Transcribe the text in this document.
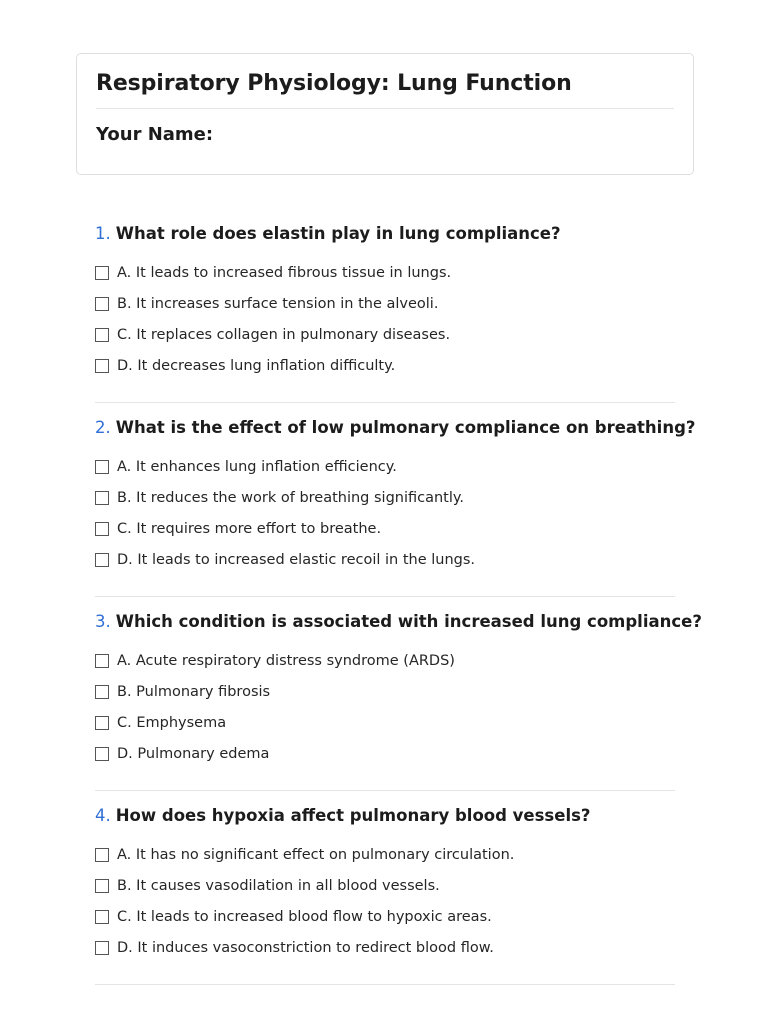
Respiratory Physiology: Lung Function
Your Name:
1. What role does elastin play in lung compliance?
A. It leads to increased fibrous tissue in lungs.
B. It increases surface tension in the alveoli.
C. It replaces collagen in pulmonary diseases.
D. It decreases lung inflation difficulty.
2. What is the effect of low pulmonary compliance on breathing?
A. It enhances lung inflation efficiency.
B. It reduces the work of breathing significantly.
C. It requires more effort to breathe.
D. It leads to increased elastic recoil in the lungs.
3. Which condition is associated with increased lung compliance?
A. Acute respiratory distress syndrome (ARDS)
B. Pulmonary fibrosis
C. Emphysema
D. Pulmonary edema
4. How does hypoxia affect pulmonary blood vessels?
A. It has no significant effect on pulmonary circulation.
B. It causes vasodilation in all blood vessels.
C. It leads to increased blood flow to hypoxic areas.
D. It induces vasoconstriction to redirect blood flow.
